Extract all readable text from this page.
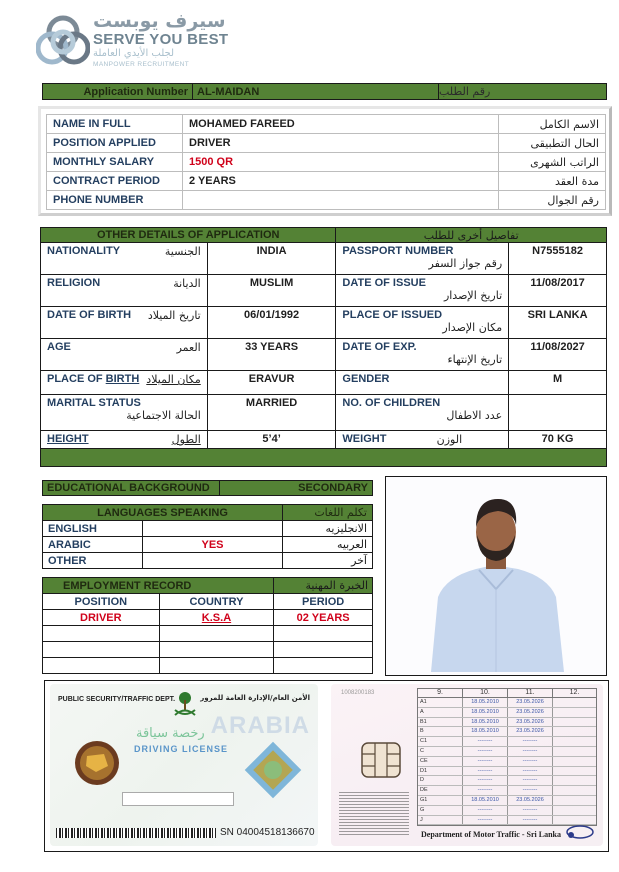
سيرف يوبست
SERVE YOU BEST
لجلب الأيدي العاملة
MANPOWER RECRUITMENT
Application Number AL-MAIDAN	رقم الطلب
NAME IN FULL	MOHAMED FAREED	الاسم الكامل
POSITION APPLIED	DRIVER	الحال التطبيقى
MONTHLY SALARY	1500 QR	الراتب الشهرى
CONTRACT PERIOD	2 YEARS	مدة العقد
PHONE NUMBER		رقم الجوال
OTHER DETAILS OF APPLICATION		تفاصيل أخرى للطلب	

NATIONALITY الجنسية	INDIA	PASSPORT NUMBER
رقم جواز السفر	N7555182

RELIGION الديانة	MUSLIM	DATE OF ISSUE
تاريخ الإصدار	11/08/2017

DATE OF BIRTH تاريخ الميلاد	06/01/1992	PLACE OF ISSUED
مكان الإصدار	SRI LANKA

AGE العمر	33 YEARS	DATE OF EXP.
تاريخ الإنتهاء	11/08/2027

PLACE OF BIRTH مكان الميلاد	ERAVUR	GENDER	M

MARITAL STATUS
الحالة الاجتماعية	MARRIED	NO. OF CHILDREN
عدد الاطفال	

HEIGHT الطول	5’4’	WEIGHT الوزن	70 KG

EDUCATIONAL BACKGROUND	SECONDARY
LANGUAGES SPEAKING		تكلم اللغات
ENGLISH		الانجليزيه
ARABIC	YES	العربيه
OTHER		آخر
EMPLOYMENT RECORD		الخبرة المهنية
POSITION	COUNTRY	PERIOD
DRIVER	K.S.A	02 YEARS

PUBLIC SECURITY/TRAFFIC DEPT.	الأمن العام/الإدارة العامة للمرور
ARABIA
رخصة سياقة
DRIVING LICENSE
SN 04004518136670
1008200183	9.	10.	11.	12.
A1	18.05.2010	23.05.2026
A	18.05.2010	23.05.2026
B1	18.05.2010	23.05.2026
B	18.05.2010	23.05.2026
C1	--------	--------
C	--------	--------
CE	--------	--------
D1	--------	--------
D	--------	--------
DE	--------	--------
G1	18.05.2010	23.05.2026
G	--------	--------
J	--------	--------
Department of Motor Traffic - Sri Lanka
